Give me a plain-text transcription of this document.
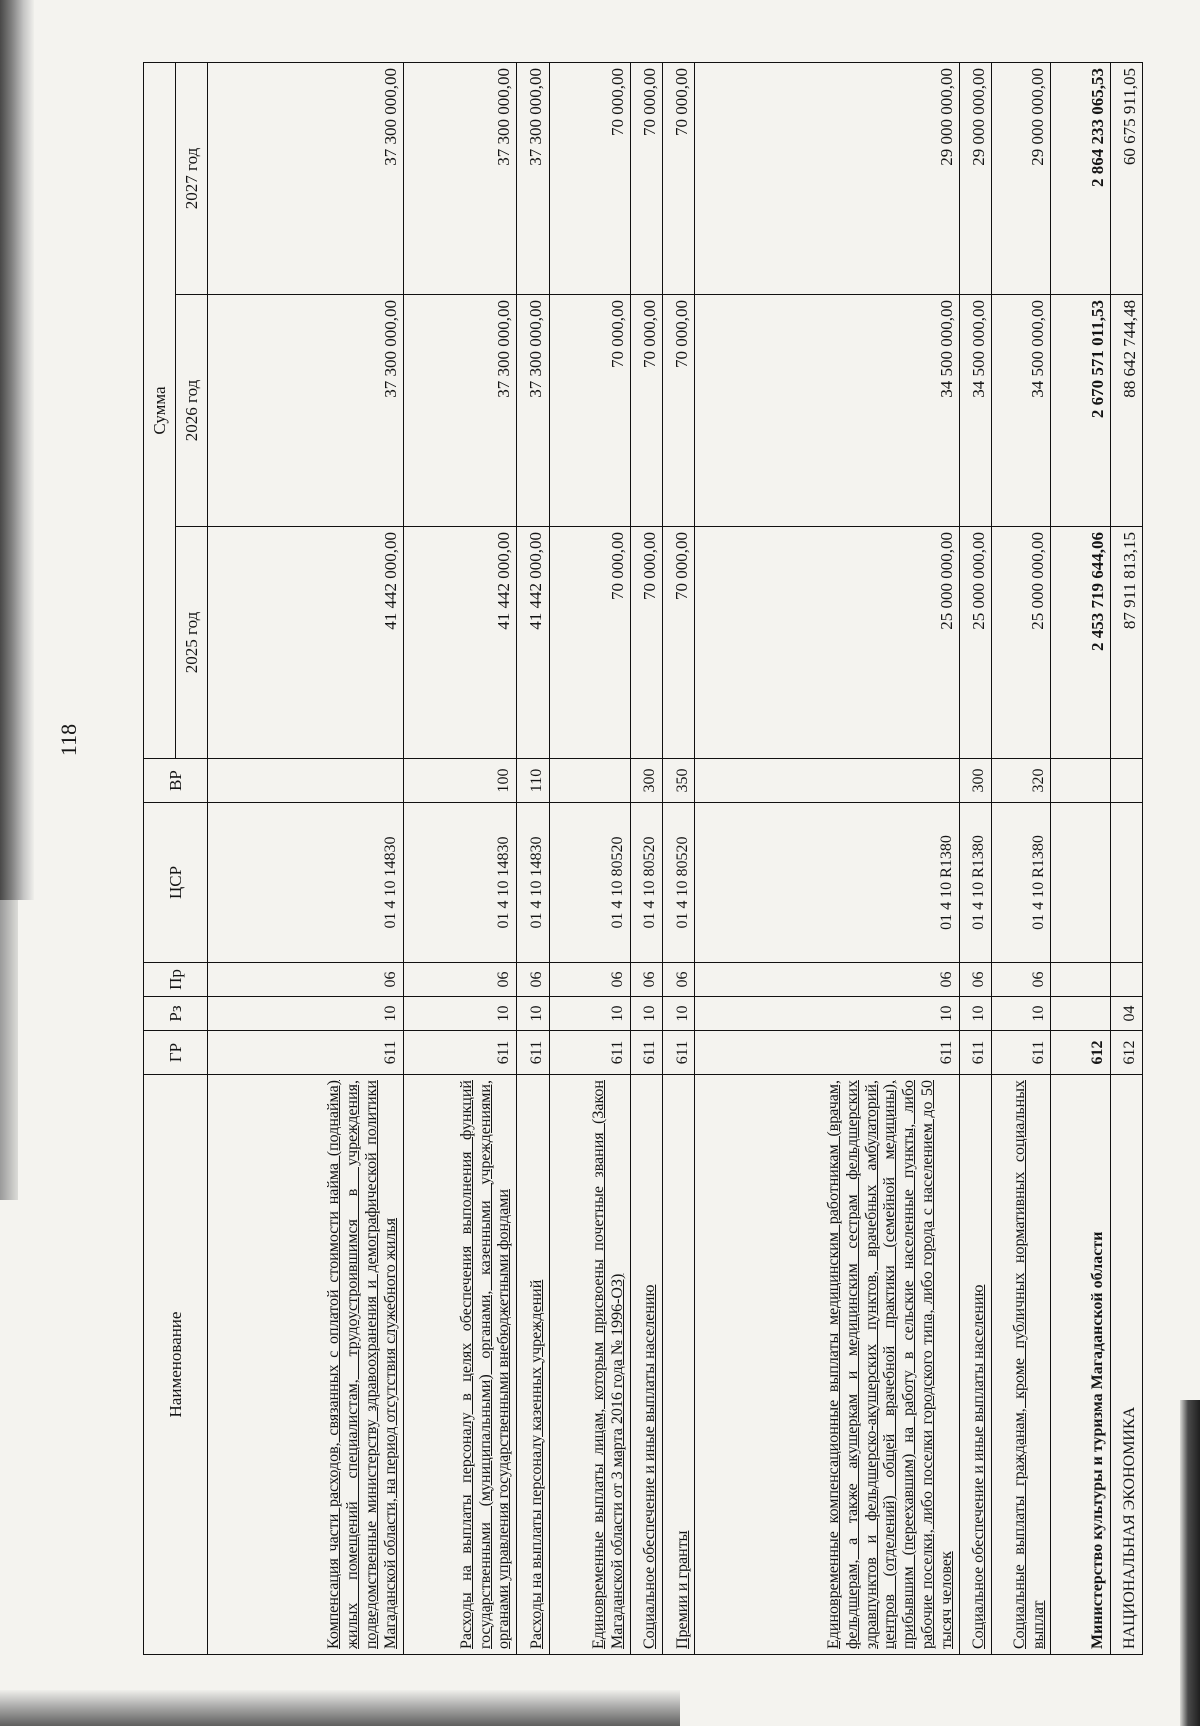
118
Наименование	ГР	Рз	Пр	ЦСР	ВР	Сумма		
						2025 год	2026 год	2027 год
Компенсация части расходов, связанных с оплатой стоимости найма (поднайма) жилых помещений специалистам, трудоустроившимся в учреждения, подведомственные министерству здравоохранения и демографической политики Магаданской области, на период отсутствия служебного жилья	611	10	06	01 4 10 14830		41 442 000,00	37 300 000,00	37 300 000,00
Расходы на выплаты персоналу в целях обеспечения выполнения функций государственными (муниципальными) органами, казенными учреждениями, органами управления государственными внебюджетными фондами	611	10	06	01 4 10 14830	100	41 442 000,00	37 300 000,00	37 300 000,00
Расходы на выплаты персоналу казенных учреждений	611	10	06	01 4 10 14830	110	41 442 000,00	37 300 000,00	37 300 000,00
Единовременные выплаты лицам, которым присвоены почетные звания (Закон Магаданской области от 3 марта 2016 года № 1996-ОЗ)	611	10	06	01 4 10 80520		70 000,00	70 000,00	70 000,00
Социальное обеспечение и иные выплаты населению	611	10	06	01 4 10 80520	300	70 000,00	70 000,00	70 000,00
Премии и гранты	611	10	06	01 4 10 80520	350	70 000,00	70 000,00	70 000,00
Единовременные компенсационные выплаты медицинским работникам (врачам, фельдшерам, а также акушеркам и медицинским сестрам фельдшерских здравпунктов и фельдшерско-акушерских пунктов, врачебных амбулаторий, центров (отделений) общей врачебной практики (семейной медицины), прибывшим (переехавшим) на работу в сельские населенные пункты, либо рабочие поселки, либо поселки городского типа, либо города с населением до 50 тысяч человек	611	10	06	01 4 10 R1380		25 000 000,00	34 500 000,00	29 000 000,00
Социальное обеспечение и иные выплаты населению	611	10	06	01 4 10 R1380	300	25 000 000,00	34 500 000,00	29 000 000,00
Социальные выплаты гражданам, кроме публичных нормативных социальных выплат	611	10	06	01 4 10 R1380	320	25 000 000,00	34 500 000,00	29 000 000,00
Министерство культуры и туризма Магаданской области	612					2 453 719 644,06	2 670 571 011,53	2 864 233 065,53
НАЦИОНАЛЬНАЯ ЭКОНОМИКА	612	04				87 911 813,15	88 642 744,48	60 675 911,05
